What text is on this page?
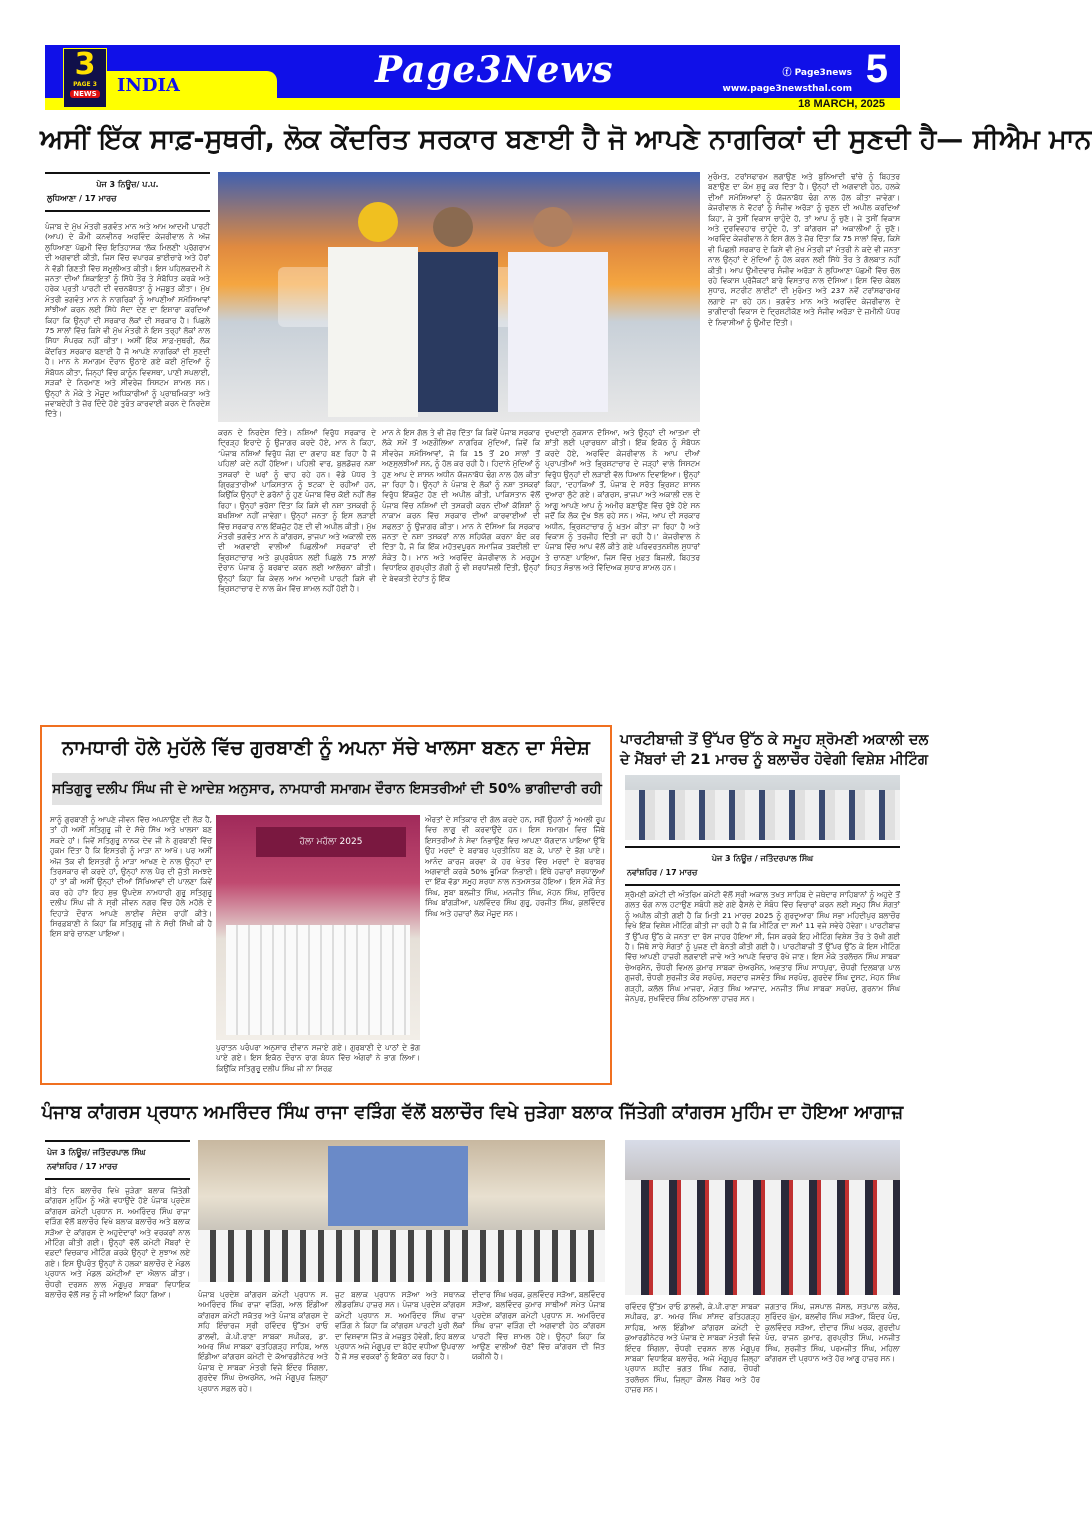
INDIA
3
PAGE 3
NEWS
Page3News	ⓕ Page3news
www.page3newsthal.com 5
18 MARCH, 2025
ਅਸੀਂ ਇੱਕ ਸਾਫ਼-ਸੁਥਰੀ, ਲੋਕ ਕੇਂਦਰਿਤ ਸਰਕਾਰ ਬਣਾਈ ਹੈ ਜੋ ਆਪਣੇ ਨਾਗਰਿਕਾਂ ਦੀ ਸੁਣਦੀ ਹੈ— ਸੀਐਮ ਮਾਨ
ਪੇਜ 3 ਨਿਊਜ਼/ ਪ.ਪ.
ਲੁਧਿਆਣਾ / 17 ਮਾਰਚ
ਪੰਜਾਬ ਦੇ ਮੁੱਖ ਮੰਤਰੀ ਭਗਵੰਤ ਮਾਨ ਅਤੇ ਆਮ ਆਦਮੀ ਪਾਰਟੀ (ਆਪ) ਦੇ ਕੌਮੀ ਕਨਵੀਨਰ ਅਰਵਿੰਦ ਕੇਜਰੀਵਾਲ ਨੇ ਅੱਜ ਲੁਧਿਆਣਾ ਪੱਛਮੀ ਵਿੱਚ ਇਤਿਹਾਸਕ 'ਲੋਕ ਮਿਲਣੀ' ਪ੍ਰੋਗਰਾਮ ਦੀ ਅਗਵਾਈ ਕੀਤੀ, ਜਿਸ ਵਿੱਚ ਵਪਾਰਕ ਭਾਈਚਾਰੇ ਅਤੇ ਹੋਰਾਂ ਨੇ ਵੱਡੀ ਗਿਣਤੀ ਵਿੱਚ ਸ਼ਮੂਲੀਅਤ ਕੀਤੀ। ਇਸ ਪਹਿਲਕਦਮੀ ਨੇ ਜਨਤਾ ਦੀਆਂ ਸ਼ਿਕਾਇਤਾਂ ਨੂੰ ਸਿੱਧੇ ਤੌਰ ਤੇ ਸੰਬੋਧਿਤ ਕਰਕੇ ਅਤੇ ਹਰੇਕ ਪ੍ਰਤੀ ਪਾਰਟੀ ਦੀ ਵਚਨਬੱਧਤਾ ਨੂੰ ਮਜ਼ਬੂਤ ਕੀਤਾ। ਮੁੱਖ ਮੰਤਰੀ ਭਗਵੰਤ ਮਾਨ ਨੇ ਨਾਗਰਿਕਾਂ ਨੂੰ ਆਪਣੀਆਂ ਸਮੱਸਿਆਵਾਂ ਸਾਂਝੀਆਂ ਕਰਨ ਲਈ ਸਿੱਧੇ ਸੱਦਾ ਦੇਣ ਦਾ ਇਸ਼ਾਰਾ ਕਰਦਿਆਂ ਕਿਹਾ ਕਿ ਉਨ੍ਹਾਂ ਦੀ ਸਰਕਾਰ ਲੋਕਾਂ ਦੀ ਸਰਕਾਰ ਹੈ। ਪਿਛਲੇ 75 ਸਾਲਾਂ ਵਿੱਚ ਕਿਸੇ ਵੀ ਮੁੱਖ ਮੰਤਰੀ ਨੇ ਇਸ ਤਰ੍ਹਾਂ ਲੋਕਾਂ ਨਾਲ ਸਿੱਧਾ ਸੰਪਰਕ ਨਹੀਂ ਕੀਤਾ। ਅਸੀਂ ਇੱਕ ਸਾਫ਼-ਸੁਥਰੀ, ਲੋਕ ਕੇਂਦਰਿਤ ਸਰਕਾਰ ਬਣਾਈ ਹੈ ਜੋ ਆਪਣੇ ਨਾਗਰਿਕਾਂ ਦੀ ਸੁਣਦੀ ਹੈ। ਮਾਨ ਨੇ ਸਮਾਗਮ ਦੌਰਾਨ ਉਠਾਏ ਗਏ ਕਈ ਮੁੱਦਿਆਂ ਨੂੰ ਸੰਬੋਧਨ ਕੀਤਾ, ਜਿਨ੍ਹਾਂ ਵਿੱਚ ਕਾਨੂੰਨ ਵਿਵਸਥਾ, ਪਾਣੀ ਸਪਲਾਈ, ਸੜਕਾਂ ਦੇ ਨਿਰਮਾਣ ਅਤੇ ਸੀਵਰੇਜ ਸਿਸਟਮ ਸ਼ਾਮਲ ਸਨ। ਉਨ੍ਹਾਂ ਨੇ ਮੌਕੇ ਤੇ ਮੌਜੂਦ ਅਧਿਕਾਰੀਆਂ ਨੂੰ ਪ੍ਰਾਥਮਿਕਤਾ ਅਤੇ ਜਵਾਬਦੇਹੀ ਤੇ ਜ਼ੋਰ ਦਿੰਦੇ ਹੋਏ ਤੁਰੰਤ ਕਾਰਵਾਈ ਕਰਨ ਦੇ ਨਿਰਦੇਸ਼ ਦਿੱਤੇ।
ਕਰਨ ਦੇ ਨਿਰਦੇਸ਼ ਦਿੱਤੇ। ਨਸ਼ਿਆਂ ਵਿਰੁੱਧ ਸਰਕਾਰ ਦੇ ਦ੍ਰਿੜ੍ਹ ਇਰਾਦੇ ਨੂੰ ਉਜਾਗਰ ਕਰਦੇ ਹੋਏ, ਮਾਨ ਨੇ ਕਿਹਾ, ‘ਪੰਜਾਬ ਨਸ਼ਿਆਂ ਵਿਰੁੱਧ ਜੰਗ ਦਾ ਗਵਾਹ ਬਣ ਰਿਹਾ ਹੈ ਜੋ ਪਹਿਲਾਂ ਕਦੇ ਨਹੀਂ ਹੋਇਆ। ਪਹਿਲੀ ਵਾਰ, ਬੁਲਡੋਜ਼ਰ ਨਸ਼ਾ ਤਸਕਰਾਂ ਦੇ ਘਰਾਂ ਨੂੰ ਢਾਹ ਰਹੇ ਹਨ। ਵੱਡੇ ਪੱਧਰ ਤੇ ਗ੍ਰਿਫ਼ਤਾਰੀਆਂ ਪਾਕਿਸਤਾਨ ਨੂੰ ਝਟਕਾ ਦੇ ਰਹੀਆਂ ਹਨ, ਕਿਉਂਕਿ ਉਨ੍ਹਾਂ ਦੇ ਡਰੋਨਾਂ ਨੂੰ ਹੁਣ ਪੰਜਾਬ ਵਿੱਚ ਕੋਈ ਨਹੀਂ ਲੱਭ ਰਿਹਾ। ਉਨ੍ਹਾਂ ਭਰੋਸਾ ਦਿੱਤਾ ਕਿ ਕਿਸੇ ਵੀ ਨਸ਼ਾ ਤਸਕਰੀ ਨੂੰ ਬਖ਼ਸ਼ਿਆ ਨਹੀਂ ਜਾਵੇਗਾ। ਉਨ੍ਹਾਂ ਜਨਤਾ ਨੂੰ ਇਸ ਲੜਾਈ ਵਿੱਚ ਸਰਕਾਰ ਨਾਲ ਇੱਕਜੁੱਟ ਹੋਣ ਦੀ ਵੀ ਅਪੀਲ ਕੀਤੀ। ਮੁੱਖ ਮੰਤਰੀ ਭਗਵੰਤ ਮਾਨ ਨੇ ਕਾਂਗਰਸ, ਭਾਜਪਾ ਅਤੇ ਅਕਾਲੀ ਦਲ ਦੀ ਅਗਵਾਈ ਵਾਲੀਆਂ ਪਿਛਲੀਆਂ ਸਰਕਾਰਾਂ ਦੀ ਭ੍ਰਿਸ਼ਟਾਚਾਰ ਅਤੇ ਕੁਪ੍ਰਬੰਧਨ ਲਈ ਪਿਛਲੇ 75 ਸਾਲਾਂ ਦੌਰਾਨ ਪੰਜਾਬ ਨੂੰ ਬਰਬਾਦ ਕਰਨ ਲਈ ਆਲੋਚਨਾ ਕੀਤੀ। ਉਨ੍ਹਾਂ ਕਿਹਾ ਕਿ ਕੇਵਲ ਆਮ ਆਦਮੀ ਪਾਰਟੀ ਕਿਸੇ ਵੀ ਭ੍ਰਿਸ਼ਟਾਚਾਰ ਦੇ ਨਾਲ ਕੰਮ ਵਿੱਚ ਸ਼ਾਮਲ ਨਹੀਂ ਹੋਈ ਹੈ।
ਮਾਨ ਨੇ ਇਸ ਗੱਲ ਤੇ ਵੀ ਜ਼ੋਰ ਦਿੱਤਾ ਕਿ ਕਿਵੇਂ ਪੰਜਾਬ ਸਰਕਾਰ ਲੋਕੇ ਸਮੇਂ ਤੋਂ ਅਣਗੌਲਿਆ ਨਾਗਰਿਕ ਮੁੱਦਿਆਂ, ਜਿਵੇਂ ਕਿ ਸੀਵਰੇਜ ਸਮੱਸਿਆਵਾਂ, ਜੋ ਕਿ 15 ਤੋਂ 20 ਸਾਲਾਂ ਤੋਂ ਅਣਸੁਲਝੀਆਂ ਸਨ, ਨੂੰ ਹੱਲ ਕਰ ਰਹੀ ਹੈ। ਹਿਦਾਨੇ ਮੁੱਦਿਆਂ ਨੂੰ ਹੁਣ ਆਪ ਦੇ ਸ਼ਾਸਨ ਅਧੀਨ ਯੋਜਨਾਬੱਧ ਢੰਗ ਨਾਲ ਹੱਲ ਕੀਤਾ ਜਾ ਰਿਹਾ ਹੈ। ਉਨ੍ਹਾਂ ਨੇ ਪੰਜਾਬ ਦੇ ਲੋਕਾਂ ਨੂੰ ਨਸ਼ਾ ਤਸਕਰਾਂ ਵਿਰੁੱਧ ਇੱਕਜੁੱਟ ਹੋਣ ਦੀ ਅਪੀਲ ਕੀਤੀ, ਪਾਕਿਸਤਾਨ ਵੱਲੋਂ ਪੰਜਾਬ ਵਿੱਚ ਨਸ਼ਿਆਂ ਦੀ ਤਸਕਰੀ ਕਰਨ ਦੀਆਂ ਕੋਸ਼ਿਸ਼ਾਂ ਨੂੰ ਨਾਕਾਮ ਕਰਨ ਵਿੱਚ ਸਰਕਾਰ ਦੀਆਂ ਕਾਰਵਾਈਆਂ ਦੀ ਸਫਲਤਾ ਨੂੰ ਉਜਾਗਰ ਕੀਤਾ। ਮਾਨ ਨੇ ਦੱਸਿਆ ਕਿ ਸਰਕਾਰ ਜਨਤਾ ਦੇ ਨਸ਼ਾ ਤਸਕਰਾਂ ਨਾਲ ਸਹਿਯੋਗ ਕਰਨਾ ਬੰਦ ਕਰ ਦਿੱਤਾ ਹੈ, ਜੋ ਕਿ ਇੱਕ ਮਹੱਤਵਪੂਰਨ ਸਮਾਜਿਕ ਤਬਦੀਲੀ ਦਾ ਸੰਕੇਤ ਹੈ। ਮਾਨ ਅਤੇ ਅਰਵਿੰਦ ਕੇਜਰੀਵਾਲ ਨੇ ਮਰਹੂਮ ਵਿਧਾਇਕ ਗੁਰਪ੍ਰੀਤ ਗੋਗੀ ਨੂੰ ਵੀ ਸ਼ਰਧਾਂਜਲੀ ਦਿੱਤੀ, ਉਨ੍ਹਾਂ ਦੇ ਬੇਵਕਤੀ ਦੇਹਾਂਤ ਨੂੰ ਇੱਕ
ਦੁਖਦਾਈ ਨੁਕਸਾਨ ਦੱਸਿਆ, ਅਤੇ ਉਨ੍ਹਾਂ ਦੀ ਆਤਮਾ ਦੀ ਸ਼ਾਂਤੀ ਲਈ ਪ੍ਰਾਰਥਨਾ ਕੀਤੀ। ਇੱਕ ਇਕੱਠ ਨੂੰ ਸੰਬੋਧਨ ਕਰਦੇ ਹੋਏ, ਅਰਵਿੰਦ ਕੇਜਰੀਵਾਲ ਨੇ ਆਪ ਦੀਆਂ ਪ੍ਰਾਪਤੀਆਂ ਅਤੇ ਭ੍ਰਿਸ਼ਟਾਚਾਰ ਦੇ ਜੜ੍ਹਾਂ ਵਾਲੇ ਸਿਸਟਮ ਵਿਰੁੱਧ ਉਨ੍ਹਾਂ ਦੀ ਲੜਾਈ ਵੱਲ ਧਿਆਨ ਦਿਵਾਇਆ। ਉਨ੍ਹਾਂ ਕਿਹਾ, ‘ਦਹਾਕਿਆਂ ਤੋਂ, ਪੰਜਾਬ ਦੇ ਸਰੋਤ ਭ੍ਰਿਸ਼ਟ ਸ਼ਾਸਨ ਦੁਆਰਾ ਲੁੱਟੇ ਗਏ। ਕਾਂਗਰਸ, ਭਾਜਪਾ ਅਤੇ ਅਕਾਲੀ ਦਲ ਦੇ ਆਗੂ ਆਪਣੇ ਆਪ ਨੂੰ ਅਮੀਰ ਬਣਾਉਣ ਵਿੱਚ ਰੁੱਝੇ ਹੋਏ ਸਨ ਜਦੋਂ ਕਿ ਲੋਕ ਦੁੱਖ ਝੱਲ ਰਹੇ ਸਨ। ਅੱਜ, ਆਪ ਦੀ ਸਰਕਾਰ ਅਧੀਨ, ਭ੍ਰਿਸ਼ਟਾਚਾਰ ਨੂੰ ਖ਼ਤਮ ਕੀਤਾ ਜਾ ਰਿਹਾ ਹੈ ਅਤੇ ਵਿਕਾਸ ਨੂੰ ਤਰਜੀਹ ਦਿੱਤੀ ਜਾ ਰਹੀ ਹੈ।’ ਕੇਜਰੀਵਾਲ ਨੇ ਪੰਜਾਬ ਵਿੱਚ ਆਪ ਵੱਲੋਂ ਕੀਤੇ ਗਏ ਪਰਿਵਰਤਨਸ਼ੀਲ ਸੁਧਾਰਾਂ ਤੇ ਚਾਨਣਾ ਪਾਇਆ, ਜਿਸ ਵਿੱਚ ਮੁਫ਼ਤ ਬਿਜਲੀ, ਬਿਹਤਰ ਸਿਹਤ ਸੰਭਾਲ ਅਤੇ ਵਿੱਦਿਅਕ ਸੁਧਾਰ ਸ਼ਾਮਲ ਹਨ।
ਮੁਰੰਮਤ, ਟਰਾਂਸਫਾਰਮ ਲਗਾਉਣ ਅਤੇ ਬੁਨਿਆਦੀ ਢਾਂਚੇ ਨੂੰ ਬਿਹਤਰ ਬਣਾਉਣ ਦਾ ਕੰਮ ਸ਼ੁਰੂ ਕਰ ਦਿੱਤਾ ਹੈ। ਉਨ੍ਹਾਂ ਦੀ ਅਗਵਾਈ ਹੇਠ, ਹਲਕੇ ਦੀਆਂ ਸਮੱਸਿਆਵਾਂ ਨੂੰ ਯੋਜਨਾਬੱਧ ਢੰਗ ਨਾਲ ਹੱਲ ਕੀਤਾ ਜਾਵੇਗਾ। ਕੇਜਰੀਵਾਲ ਨੇ ਵੋਟਰਾਂ ਨੂੰ ਸੰਜੀਵ ਅਰੋੜਾ ਨੂੰ ਚੁਣਨ ਦੀ ਅਪੀਲ ਕਰਦਿਆਂ ਕਿਹਾ, ਜੇ ਤੁਸੀਂ ਵਿਕਾਸ ਚਾਹੁੰਦੇ ਹੋ, ਤਾਂ ਆਪ ਨੂੰ ਚੁਣੋ। ਜੇ ਤੁਸੀਂ ਵਿਕਾਸ ਅਤੇ ਦੁਰਵਿਵਹਾਰ ਚਾਹੁੰਦੇ ਹੋ, ਤਾਂ ਕਾਂਗਰਸ ਜਾਂ ਅਕਾਲੀਆਂ ਨੂੰ ਚੁਣੋ। ਅਰਵਿੰਦ ਕੇਜਰੀਵਾਲ ਨੇ ਇਸ ਗੱਲ ਤੇ ਜ਼ੋਰ ਦਿੱਤਾ ਕਿ 75 ਸਾਲਾਂ ਵਿੱਚ, ਕਿਸੇ ਵੀ ਪਿਛਲੀ ਸਰਕਾਰ ਦੇ ਕਿਸੇ ਵੀ ਮੁੱਖ ਮੰਤਰੀ ਜਾਂ ਮੰਤਰੀ ਨੇ ਕਦੇ ਵੀ ਜਨਤਾ ਨਾਲ ਉਨ੍ਹਾਂ ਦੇ ਮੁੱਦਿਆਂ ਨੂੰ ਹੱਲ ਕਰਨ ਲਈ ਸਿੱਧੇ ਤੌਰ ਤੇ ਗੱਲਬਾਤ ਨਹੀਂ ਕੀਤੀ। ਆਪ ਉਮੀਦਵਾਰ ਸੰਜੀਵ ਅਰੋੜਾ ਨੇ ਲੁਧਿਆਣਾ ਪੱਛਮੀ ਵਿੱਚ ਚੱਲ ਰਹੇ ਵਿਕਾਸ ਪ੍ਰੋਜੈਕਟਾਂ ਬਾਰੇ ਵਿਸਤਾਰ ਨਾਲ ਦੱਸਿਆ। ਇਸ ਵਿੱਚ ਕੇਬਲ ਸੁਧਾਰ, ਸਟਰੀਟ ਲਾਈਟਾਂ ਦੀ ਮੁਰੰਮਤ ਅਤੇ 237 ਨਵੇਂ ਟਰਾਂਸਫਾਰਮਰ ਲਗਾਏ ਜਾ ਰਹੇ ਹਨ। ਭਗਵੰਤ ਮਾਨ ਅਤੇ ਅਰਵਿੰਦ ਕੇਜਰੀਵਾਲ ਦੇ ਭਾਗੀਦਾਰੀ ਵਿਕਾਸ ਦੇ ਦ੍ਰਿਸ਼ਟੀਕੋਣ ਅਤੇ ਸੰਜੀਵ ਅਰੋੜਾ ਦੇ ਜ਼ਮੀਨੀ ਪੱਧਰ ਦੇ ਨਿਵਾਸੀਆਂ ਨੂੰ ਉਮੀਦ ਦਿੱਤੀ।
ਨਾਮਧਾਰੀ ਹੋਲੇ ਮੁਹੱਲੇ ਵਿੱਚ ਗੁਰਬਾਣੀ ਨੂੰ ਅਪਨਾ ਸੱਚੇ ਖਾਲਸਾ ਬਣਨ ਦਾ ਸੰਦੇਸ਼
ਸਤਿਗੁਰੂ ਦਲੀਪ ਸਿੰਘ ਜੀ ਦੇ ਆਦੇਸ਼ ਅਨੁਸਾਰ, ਨਾਮਧਾਰੀ ਸਮਾਗਮ ਦੌਰਾਨ ਇਸਤਰੀਆਂ ਦੀ 50% ਭਾਗੀਦਾਰੀ ਰਹੀ
ਸਾਨੂੰ ਗੁਰਬਾਣੀ ਨੂੰ ਆਪਣੇ ਜੀਵਨ ਵਿੱਚ ਅਪਨਾਉਣ ਦੀ ਲੋੜ ਹੈ, ਤਾਂ ਹੀ ਅਸੀਂ ਸਤਿਗੁਰੂ ਜੀ ਦੇ ਸੱਚੇ ਸਿੱਖ ਅਤੇ ਖਾਲਸਾ ਬਣ ਸਕਦੇ ਹਾਂ। ਜਿਵੇਂ ਸਤਿਗੁਰੂ ਨਾਨਕ ਦੇਵ ਜੀ ਨੇ ਗੁਰਬਾਣੀ ਵਿੱਚ ਹੁਕਮ ਦਿੱਤਾ ਹੈ ਕਿ ਇਸਤਰੀ ਨੂੰ ਮਾੜਾ ਨਾ ਆਖੋ। ਪਰ ਅਸੀਂ ਅੱਜ ਤੱਕ ਵੀ ਇਸਤਰੀ ਨੂੰ ਮਾੜਾ ਆਖਣ ਦੇ ਨਾਲ ਉਨ੍ਹਾਂ ਦਾ ਤਿਰਸਕਾਰ ਵੀ ਕਰਦੇ ਹਾਂ, ਉਨ੍ਹਾਂ ਨਾਲ ਪੈਰ ਦੀ ਜੁੱਤੀ ਸਮਝਦੇ ਹਾਂ ਤਾਂ ਕੀ ਅਸੀਂ ਉਨ੍ਹਾਂ ਦੀਆਂ ਸਿੱਖਿਆਵਾਂ ਦੀ ਪਾਲਣਾ ਕਿਵੇਂ ਕਰ ਰਹੇ ਹਾਂ? ਇਹ ਸ਼ੁਭ ਉਪਦੇਸ਼ ਨਾਮਧਾਰੀ ਗੁਰੂ ਸਤਿਗੁਰੂ ਦਲੀਪ ਸਿੰਘ ਜੀ ਨੇ ਸ੍ਰੀ ਜੀਵਨ ਨਗਰ ਵਿੱਚ ਹੋਲੇ ਮਹੱਲੇ ਦੇ ਦਿਹਾੜੇ ਦੌਰਾਨ ਆਪਣੇ ਲਾਈਵ ਸੰਦੇਸ਼ ਰਾਹੀਂ ਕੀਤੇ। ਸਿਰਫ਼ਬਾਣੀ ਨੇ ਕਿਹਾ ਕਿ ਸਤਿਗੁਰੂ ਜੀ ਨੇ ਸੱਚੀ ਸਿੱਖੀ ਕੀ ਹੈ ਇਸ ਬਾਰੇ ਚਾਨਣਾ ਪਾਇਆ।
ਹੋਲਾ ਮਹੱਲਾ 2025
ਪੁਰਾਤਨ ਪਰੰਪਰਾ ਅਨੁਸਾਰ ਦੀਵਾਨ ਸਜਾਏ ਗਏ। ਗੁਰਬਾਣੀ ਦੇ ਪਾਠਾਂ ਦੇ ਭੋਗ ਪਾਏ ਗਏ। ਇਸ ਇਕੱਠ ਦੌਰਾਨ ਰਾਗ ਬੰਧਨ ਵਿੱਚ ਅੰਗਰਾਂ ਨੇ ਭਾਗ ਲਿਆ। ਕਿਉਂਕਿ ਸਤਿਗੁਰੂ ਦਲੀਪ ਸਿੰਘ ਜੀ ਨਾ ਸਿਰਫ਼
ਔਰਤਾਂ ਦੇ ਸਤਿਕਾਰ ਦੀ ਗੱਲ ਕਰਦੇ ਹਨ, ਸਗੋਂ ਉਹਨਾਂ ਨੂੰ ਅਮਲੀ ਰੂਪ ਵਿਚ ਲਾਗੂ ਵੀ ਕਰਵਾਉਂਦੇ ਹਨ। ਇਸ ਸਮਾਗਮ ਵਿਚ ਜਿੱਥੇ ਇਸਤਰੀਆਂ ਨੇ ਸੇਵਾ ਨਿਭਾਉਣ ਵਿਚ ਆਪਣਾ ਯੋਗਦਾਨ ਪਾਇਆ ਉੱਥੇ ਉਹ ਮਰਦਾਂ ਦੇ ਬਰਾਬਰ ਪ੍ਰਤੀਨਿਧ ਬਣ ਕੇ, ਪਾਠਾਂ ਦੇ ਭੋਗ ਪਾਏ। ਆਨੰਦ ਕਾਰਜ ਕਰਵਾ ਕੇ ਹਰ ਖੇਤਰ ਵਿੱਚ ਮਰਦਾਂ ਦੇ ਬਰਾਬਰ ਅਗਵਾਈ ਕਰਕੇ 50% ਭੂਮਿਕਾ ਨਿਭਾਈ। ਇੱਥੇ ਹਜ਼ਾਰਾਂ ਸ਼ਰਧਾਲੂਆਂ ਦਾ ਇੱਕ ਵੱਡਾ ਸਮੂਹ ਸ਼ਰਧਾ ਨਾਲ ਨਤਮਸਤਕ ਹੋਇਆ। ਇਸ ਮੌਕੇ ਸੰਤ ਸਿੰਘ, ਸੂਬਾ ਬਲਜੀਤ ਸਿੰਘ, ਮਨਜੀਤ ਸਿੰਘ, ਮੋਹਨ ਸਿੰਘ, ਸੁਰਿੰਦਰ ਸਿੰਘ ਬਾਂਗੜੀਆ, ਪਲਵਿੰਦਰ ਸਿੰਘ ਗੁਰੂ, ਹਰਜੀਤ ਸਿੰਘ, ਕੁਲਵਿੰਦਰ ਸਿੰਘ ਅਤੇ ਹਜ਼ਾਰਾਂ ਲੋਕ ਮੌਜੂਦ ਸਨ।
ਪਾਰਟੀਬਾਜ਼ੀ ਤੋਂ ਉੱਪਰ ਉੱਠ ਕੇ ਸਮੂਹ ਸ਼੍ਰੋਮਣੀ ਅਕਾਲੀ ਦਲ
ਦੇ ਮੈਂਬਰਾਂ ਦੀ 21 ਮਾਰਚ ਨੂੰ ਬਲਾਚੌਰ ਹੋਵੇਗੀ ਵਿਸ਼ੇਸ਼ ਮੀਟਿੰਗ
ਪੇਜ 3 ਨਿਊਜ਼ / ਜਤਿੰਦਰਪਾਲ ਸਿੰਘ
ਨਵਾਂਸ਼ਹਿਰ / 17 ਮਾਰਚ
ਸ਼੍ਰੋਮਣੀ ਕਮੇਟੀ ਦੀ ਅੰਤਰਿਮ ਕਮੇਟੀ ਵੱਲੋਂ ਸ੍ਰੀ ਅਕਾਲ ਤਖਤ ਸਾਹਿਬ ਦੇ ਜਥੇਦਾਰ ਸਾਹਿਬਾਨਾਂ ਨੂੰ ਅਹੁਦੇ ਤੋਂ ਗਲਤ ਢੰਗ ਨਾਲ ਹਟਾਉਣ ਸਬੰਧੀ ਲਏ ਗਏ ਫੈਸਲੇ ਦੇ ਸੰਬੰਧ ਵਿੱਚ ਵਿਚਾਰਾਂ ਕਰਨ ਲਈ ਸਮੂਹ ਸਿੱਖ ਸੰਗਤਾਂ ਨੂੰ ਅਪੀਲ ਕੀਤੀ ਗਈ ਹੈ ਕਿ ਮਿਤੀ 21 ਮਾਰਚ 2025 ਨੂੰ ਗੁਰਦੁਆਰਾ ਸਿੰਘ ਸਭਾ ਮਹਿਦੀਪੁਰ ਬਲਾਚੌਰ ਵਿਖੇ ਇੱਕ ਵਿਸ਼ੇਸ਼ ਮੀਟਿੰਗ ਕੀਤੀ ਜਾ ਰਹੀ ਹੈ ਜੋ ਕਿ ਮੀਟਿੰਗ ਦਾ ਸਮਾਂ 11 ਵਜੇ ਸਵੇਰੇ ਹੋਵੇਗਾ। ਪਾਰਟੀਬਾਜ਼ ਤੋਂ ਉੱਪਰ ਉੱਠ ਕੇ ਜਨਤਾ ਦਾ ਰੋਸ ਜਾਹਰ ਹੋਇਆ ਸੀ, ਜਿਸ ਕਰਕੇ ਇਹ ਮੀਟਿੰਗ ਵਿਸ਼ੇਸ਼ ਤੌਰ ਤੇ ਰੱਖੀ ਗਈ ਹੈ। ਜਿੱਥੇ ਸਾਰੇ ਸੰਗਤਾਂ ਨੂੰ ਪੁਜਣ ਦੀ ਬੇਨਤੀ ਕੀਤੀ ਗਈ ਹੈ। ਪਾਰਟੀਬਾਜ਼ੀ ਤੋਂ ਉੱਪਰ ਉੱਠ ਕੇ ਇਸ ਮੀਟਿੰਗ ਵਿੱਚ ਆਪਣੀ ਹਾਜ਼ਰੀ ਲਗਵਾਈ ਜਾਵੇ ਅਤੇ ਆਪਣੇ ਵਿਚਾਰ ਰੱਖੇ ਜਾਣ। ਇਸ ਮੌਕੇ ਤਰਲੋਚਨ ਸਿੰਘ ਸਾਬਕਾ ਚੇਅਰਮੈਨ, ਚੌਧਰੀ ਵਿਮਲ ਕੁਮਾਰ ਸਾਬਕਾ ਚੇਅਰਮੈਨ, ਅਵਤਾਰ ਸਿੰਘ ਸਾਧਪੁਰਾ, ਚੌਧਰੀ ਦਿਲਬਾਗ ਪਾਲ ਗੁਜਰੀ, ਚੌਧਰੀ ਸੁਰਜੀਤ ਕੌਰ ਸਰਪੰਚ, ਸਰਦਾਰ ਜਸਵੰਤ ਸਿੰਘ ਸਰਪੰਚ, ਗੁਰਦੇਵ ਸਿੰਘ ਦੂਸਟ, ਮੋਹਨ ਸਿੰਘ ਗੜ੍ਹੀ, ਕਲੱਲ ਸਿੰਘ ਮਾਜਰਾ, ਮੰਗਤ ਸਿੰਘ ਆਜਾਦ, ਮਨਜੀਤ ਸਿੰਘ ਸਾਬਕਾ ਸਰਪੰਚ, ਗੁਰਨਾਮ ਸਿੰਘ ਜੇਨਪੁਰ, ਸੁਖਵਿੰਦਰ ਸਿੰਘ ਠਠਿਆਲਾ ਹਾਜ਼ਰ ਸਨ।
ਪੰਜਾਬ ਕਾਂਗਰਸ ਪ੍ਰਧਾਨ ਅਮਰਿੰਦਰ ਸਿੰਘ ਰਾਜਾ ਵੜਿੰਗ ਵੱਲੋਂ ਬਲਾਚੌਰ ਵਿਖੇ ਜੁੜੇਗਾ ਬਲਾਕ ਜਿੱਤੇਗੀ ਕਾਂਗਰਸ ਮੁਹਿੰਮ ਦਾ ਹੋਇਆ ਆਗਾਜ਼
ਪੇਜ 3 ਨਿਊਜ਼/ ਜਤਿੰਦਰਪਾਲ ਸਿੰਘ
ਨਵਾਂਸ਼ਹਿਰ / 17 ਮਾਰਚ
ਬੀਤੇ ਦਿਨ ਬਲਾਚੌਰ ਵਿਖੇ ਜੁੜੇਗਾ ਬਲਾਕ ਜਿੱਤੇਗੀ ਕਾਂਗਰਸ ਮੁਹਿੰਮ ਨੂੰ ਅੱਗੇ ਵਧਾਉਂਦੇ ਹੋਏ ਪੰਜਾਬ ਪ੍ਰਦੇਸ਼ ਕਾਂਗਰਸ ਕਮੇਟੀ ਪ੍ਰਧਾਨ ਸ. ਅਮਰਿੰਦਰ ਸਿੰਘ ਰਾਜਾ ਵੜਿੰਗ ਵੱਲੋਂ ਬਲਾਚੌਰ ਵਿਖੇ ਬਲਾਕ ਬਲਾਚੌਰ ਅਤੇ ਬਲਾਕ ਸੜੋਆ ਦੇ ਕਾਂਗਰਸ ਦੇ ਅਹੁਦੇਦਾਰਾਂ ਅਤੇ ਵਰਕਰਾਂ ਨਾਲ ਮੀਟਿੰਗ ਕੀਤੀ ਗਈ। ਉਨ੍ਹਾਂ ਵੱਲੋਂ ਕਮੇਟੀ ਮੈਂਬਰਾਂ ਦੇ ਵਫ਼ਦਾਂ ਵਿਚਕਾਰ ਮੀਟਿੰਗ ਕਰਕੇ ਉਨ੍ਹਾਂ ਦੇ ਸੁਝਾਅ ਲਏ ਗਏ। ਇਸ ਉਪਰੰਤ ਉਨ੍ਹਾਂ ਨੇ ਹਲਕਾ ਬਲਾਚੌਰ ਦੇ ਮੰਡਲ ਪ੍ਰਧਾਨ ਅਤੇ ਮੰਡਲ ਕਮੇਟੀਆਂ ਦਾ ਐਲਾਨ ਕੀਤਾ। ਚੌਧਰੀ ਦਰਸ਼ਨ ਲਾਲ ਮੰਗੂਪੁਰ ਸਾਬਕਾ ਵਿਧਾਇਕ ਬਲਾਚੌਰ ਵੱਲੋਂ ਸਭ ਨੂੰ ਜੀ ਆਇਆਂ ਕਿਹਾ ਗਿਆ।	ਪੰਜਾਬ ਪ੍ਰਦੇਸ਼ ਕਾਂਗਰਸ ਕਮੇਟੀ ਪ੍ਰਧਾਨ ਸ. ਅਮਰਿੰਦਰ ਸਿੰਘ ਰਾਜਾ ਵੜਿੰਗ, ਆਲ ਇੰਡੀਆ ਕਾਂਗਰਸ ਕਮੇਟੀ ਸਕੱਤਰ ਅਤੇ ਪੰਜਾਬ ਕਾਂਗਰਸ ਦੇ ਸਹਿ ਇੰਚਾਰਜ ਸ੍ਰੀ ਰਵਿੰਦਰ ਉੱਤਮ ਰਾਓ ਡਾਲਵੀ, ਕੇ.ਪੀ.ਰਾਣਾ ਸਾਬਕਾ ਸਪੀਕਰ, ਡਾ. ਅਮਰ ਸਿੰਘ ਸਾਬਕਾ ਫਤਹਿਗੜ੍ਹ ਸਾਹਿਬ, ਆਲ ਇੰਡੀਆ ਕਾਂਗਰਸ ਕਮੇਟੀ ਦੇ ਕੋਆਰਡੀਨੇਟਰ ਅਤੇ ਪੰਜਾਬ ਦੇ ਸਾਬਕਾ ਮੰਤਰੀ ਵਿਜੇ ਇੰਦਰ ਸਿੰਗਲਾ, ਗੁਰਦੇਵ ਸਿੰਘ ਚੇਅਰਮੈਨ, ਅਜੇ ਮੰਗੂਪੁਰ ਜ਼ਿਲ੍ਹਾ ਪ੍ਰਧਾਨ ਸਫ਼ਲ ਰਹੇ।
ਜੁਟ ਬਲਾਕ ਪ੍ਰਧਾਨ ਸੜੋਆ ਅਤੇ ਸਥਾਨਕ ਲੀਡਰਸ਼ਿਪ ਹਾਜ਼ਰ ਸਨ। ਪੰਜਾਬ ਪ੍ਰਦੇਸ਼ ਕਾਂਗਰਸ ਕਮੇਟੀ ਪ੍ਰਧਾਨ ਸ. ਅਮਰਿੰਦਰ ਸਿੰਘ ਰਾਜਾ ਵੜਿੰਗ ਨੇ ਕਿਹਾ ਕਿ ਕਾਂਗਰਸ ਪਾਰਟੀ ਪੂਰੀ ਲੋਕਾਂ ਦਾ ਵਿਸ਼ਵਾਸ ਜਿੱਤ ਕੇ ਮਜ਼ਬੂਤ ਹੋਵੇਗੀ, ਇਹ ਬਲਾਕ ਪ੍ਰਧਾਨ ਅਜੇ ਮੰਗੂਪੁਰ ਦਾ ਬੇਹੱਦ ਵਧੀਆ ਉਪਰਾਲਾ ਹੈ ਜੋ ਸਭ ਵਰਕਰਾਂ ਨੂੰ ਇਕੱਠਾ ਕਰ ਰਿਹਾ ਹੈ।
ਦੀਦਾਰ ਸਿੰਘ ਖਰਕ, ਕੁਲਵਿੰਦਰ ਸੜੋਆ, ਬਲਵਿੰਦਰ ਸੜੋਆ, ਬਲਵਿੰਦਰ ਕੁਮਾਰ ਸਾਥੀਆਂ ਸਮੇਤ ਪੰਜਾਬ ਪ੍ਰਦੇਸ਼ ਕਾਂਗਰਸ ਕਮੇਟੀ ਪ੍ਰਧਾਨ ਸ. ਅਮਰਿੰਦਰ ਸਿੰਘ ਰਾਜਾ ਵੜਿੰਗ ਦੀ ਅਗਵਾਈ ਹੇਠ ਕਾਂਗਰਸ ਪਾਰਟੀ ਵਿੱਚ ਸ਼ਾਮਲ ਹੋਏ। ਉਨ੍ਹਾਂ ਕਿਹਾ ਕਿ ਆਉਣ ਵਾਲੀਆਂ ਚੋਣਾਂ ਵਿੱਚ ਕਾਂਗਰਸ ਦੀ ਜਿੱਤ ਯਕੀਨੀ ਹੈ।
ਰਵਿੰਦਰ ਉੱਤਮ ਰਾਓ ਡਾਲਵੀ, ਕੇ.ਪੀ.ਰਾਣਾ ਸਾਬਕਾ ਸਪੀਕਰ, ਡਾ. ਅਮਰ ਸਿੰਘ ਸਾਂਸਦ ਫਤਿਹਗੜ੍ਹ ਸਾਹਿਬ, ਆਲ ਇੰਡੀਆ ਕਾਂਗਰਸ ਕਮੇਟੀ ਦੇ ਕੁਆਰਡੀਨੇਟਰ ਅਤੇ ਪੰਜਾਬ ਦੇ ਸਾਬਕਾ ਮੰਤਰੀ ਵਿਜੇ ਇੰਦਰ ਸਿੰਗਲਾ, ਚੌਧਰੀ ਦਰਸ਼ਨ ਲਾਲ ਮੰਗੂਪੁਰ ਸਾਬਕਾ ਵਿਧਾਇਕ ਬਲਾਚੌਰ, ਅਜੇ ਮੰਗੂਪੁਰ ਜ਼ਿਲ੍ਹਾ ਪ੍ਰਧਾਨ ਸ਼ਹੀਦ ਭਗਤ ਸਿੰਘ ਨਗਰ, ਚੌਧਰੀ ਤਰਲੋਚਨ ਸਿੰਘ, ਜ਼ਿਲ੍ਹਾ ਕੌਂਸਲ ਮੈਂਬਰ ਅਤੇ ਹੋਰ ਹਾਜ਼ਰ ਸਨ।
ਜਗਤਾਰ ਸਿੰਘ, ਜਸਪਾਲ ਜੱਸਲ, ਸਤਪਾਲ ਕਲੇਰ, ਸੁਰਿੰਦਰ ਘੁੱਮ, ਬਲਵੀਰ ਸਿੰਘ ਸੜੋਆ, ਬਿੰਦਰ ਪੰਚ, ਕੁਲਵਿੰਦਰ ਸੜੋਆ, ਦੀਦਾਰ ਸਿੰਘ ਖਰਕ, ਗੁਰਦੀਪ ਪੰਚ, ਰਾਜਨ ਕੁਮਾਰ, ਗੁਰਪ੍ਰੀਤ ਸਿੰਘ, ਮਨਜੀਤ ਸਿੰਘ, ਸੁਰਜੀਤ ਸਿੰਘ, ਪਰਮਜੀਤ ਸਿੰਘ, ਮਹਿਲਾ ਕਾਂਗਰਸ ਦੀ ਪ੍ਰਧਾਨ ਅਤੇ ਹੋਰ ਆਗੂ ਹਾਜ਼ਰ ਸਨ।
